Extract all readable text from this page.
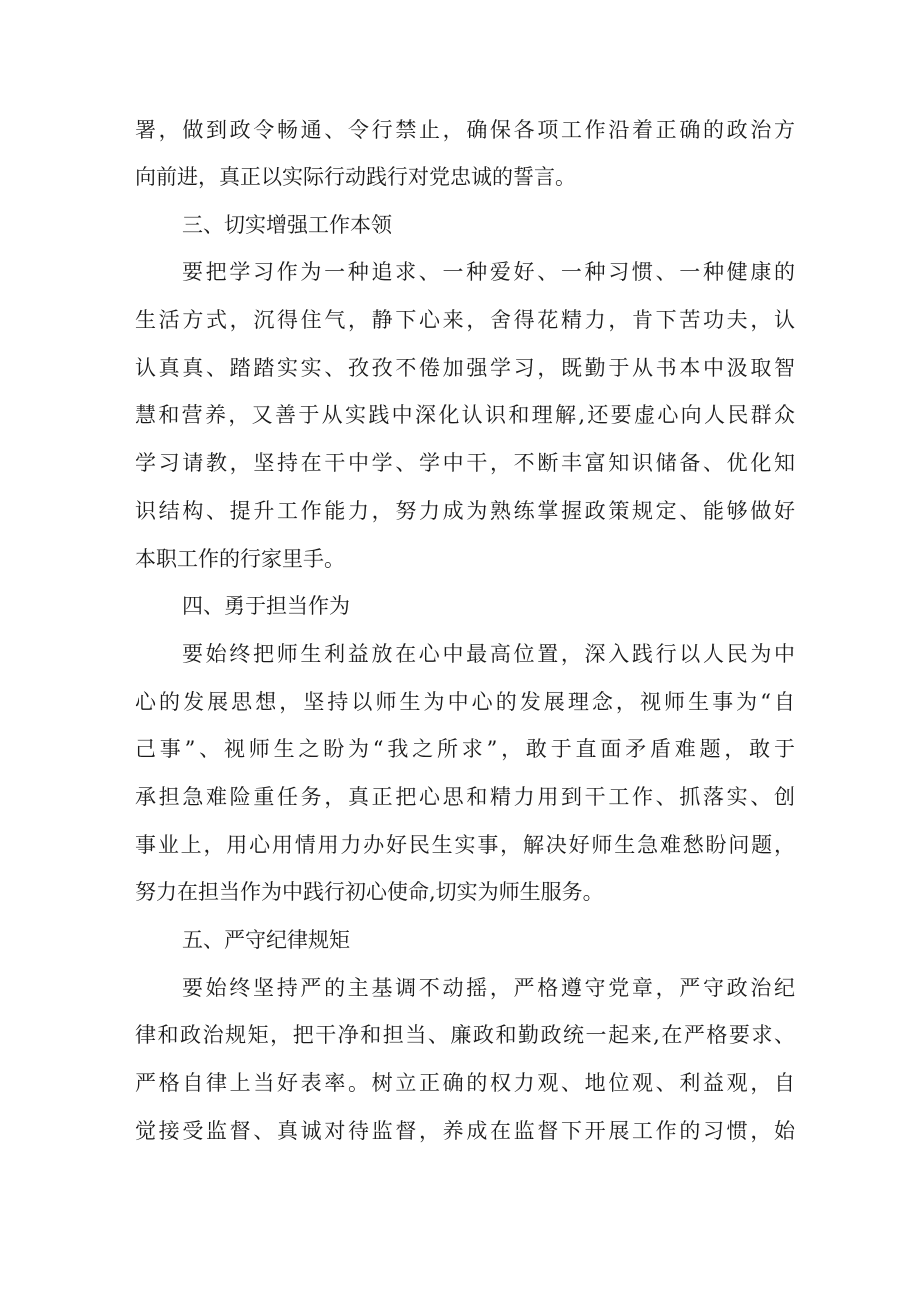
署，做到政令畅通、令行禁止，确保各项工作沿着正确的政治方
向前进，真正以实际行动践行对党忠诚的誓言。
三、切实增强工作本领
要把学习作为一种追求、一种爱好、一种习惯、一种健康的
生活方式，沉得住气，静下心来，舍得花精力，肯下苦功夫，认
认真真、踏踏实实、孜孜不倦加强学习，既勤于从书本中汲取智
慧和营养，又善于从实践中深化认识和理解,还要虚心向人民群众
学习请教，坚持在干中学、学中干，不断丰富知识储备、优化知
识结构、提升工作能力，努力成为熟练掌握政策规定、能够做好
本职工作的行家里手。
四、勇于担当作为
要始终把师生利益放在心中最高位置，深入践行以人民为中
心的发展思想，坚持以师生为中心的发展理念，视师生事为“自
己事”、视师生之盼为“我之所求”，敢于直面矛盾难题，敢于
承担急难险重任务，真正把心思和精力用到干工作、抓落实、创
事业上，用心用情用力办好民生实事，解决好师生急难愁盼问题，
努力在担当作为中践行初心使命,切实为师生服务。
五、严守纪律规矩
要始终坚持严的主基调不动摇，严格遵守党章，严守政治纪
律和政治规矩，把干净和担当、廉政和勤政统一起来,在严格要求、
严格自律上当好表率。树立正确的权力观、地位观、利益观，自
觉接受监督、真诚对待监督，养成在监督下开展工作的习惯，始
